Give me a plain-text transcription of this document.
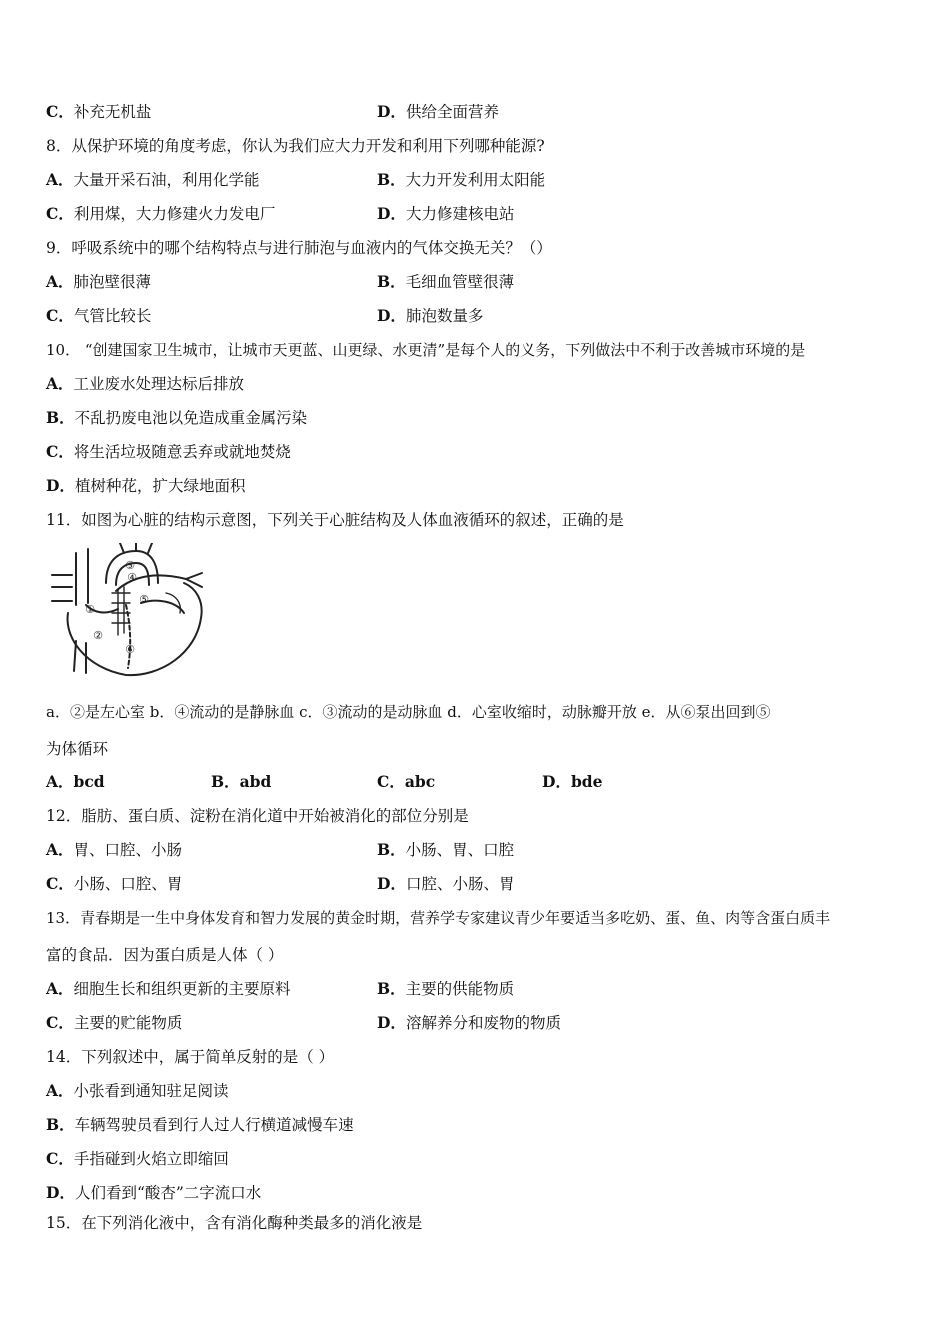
C．补充无机盐	D．供给全面营养
8．从保护环境的角度考虑，你认为我们应大力开发和利用下列哪种能源?
A．大量开采石油，利用化学能	B．大力开发利用太阳能
C．利用煤，大力修建火力发电厂	D．大力修建核电站
9．呼吸系统中的哪个结构特点与进行肺泡与血液内的气体交换无关？（）
A．肺泡壁很薄	B．毛细血管壁很薄
C．气管比较长	D．肺泡数量多
10． “创建国家卫生城市，让城市天更蓝、山更绿、水更清”是每个人的义务，下列做法中不利于改善城市环境的是
A．工业废水处理达标后排放
B．不乱扔废电池以免造成重金属污染
C．将生活垃圾随意丢弃或就地焚烧
D．植树种花，扩大绿地面积
11．如图为心脏的结构示意图，下列关于心脏结构及人体血液循环的叙述，正确的是
①
②
③
④
⑤
⑥
a．②是左心室 b．④流动的是静脉血 c．③流动的是动脉血 d．心室收缩时，动脉瓣开放 e．从⑥泵出回到⑤
为体循环
A．bcd	B．abd	C．abc	D．bde
12．脂肪、蛋白质、淀粉在消化道中开始被消化的部位分别是
A．胃、口腔、小肠	B．小肠、胃、口腔
C．小肠、口腔、胃	D．口腔、小肠、胃
13．青春期是一生中身体发育和智力发展的黄金时期，营养学专家建议青少年要适当多吃奶、蛋、鱼、肉等含蛋白质丰
富的食品．因为蛋白质是人体（ ）
A．细胞生长和组织更新的主要原料	B．主要的供能物质
C．主要的贮能物质	D．溶解养分和废物的物质
14．下列叙述中，属于简单反射的是（ ）
A．小张看到通知驻足阅读
B．车辆驾驶员看到行人过人行横道减慢车速
C．手指碰到火焰立即缩回
D．人们看到“酸杏”二字流口水
15．在下列消化液中，含有消化酶种类最多的消化液是
